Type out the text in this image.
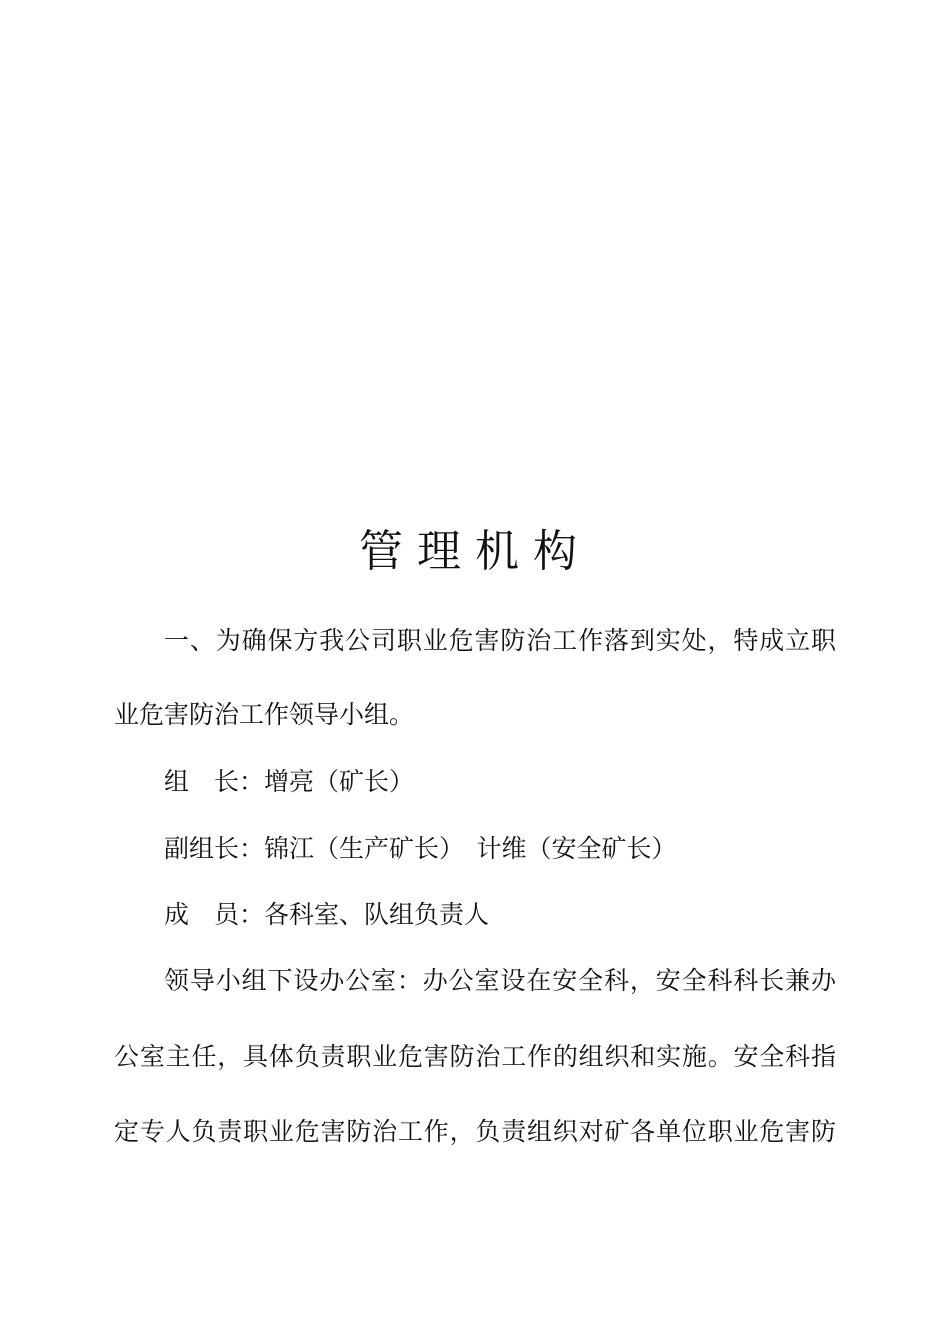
管理机构
一、为确保方我公司职业危害防治工作落到实处，特成立职
业危害防治工作领导小组。
组　长：增亮（矿长）
副组长：锦江（生产矿长）　计维（安全矿长）
成　员：各科室、队组负责人
领导小组下设办公室：办公室设在安全科，安全科科长兼办
公室主任，具体负责职业危害防治工作的组织和实施。安全科指
定专人负责职业危害防治工作，负责组织对矿各单位职业危害防
